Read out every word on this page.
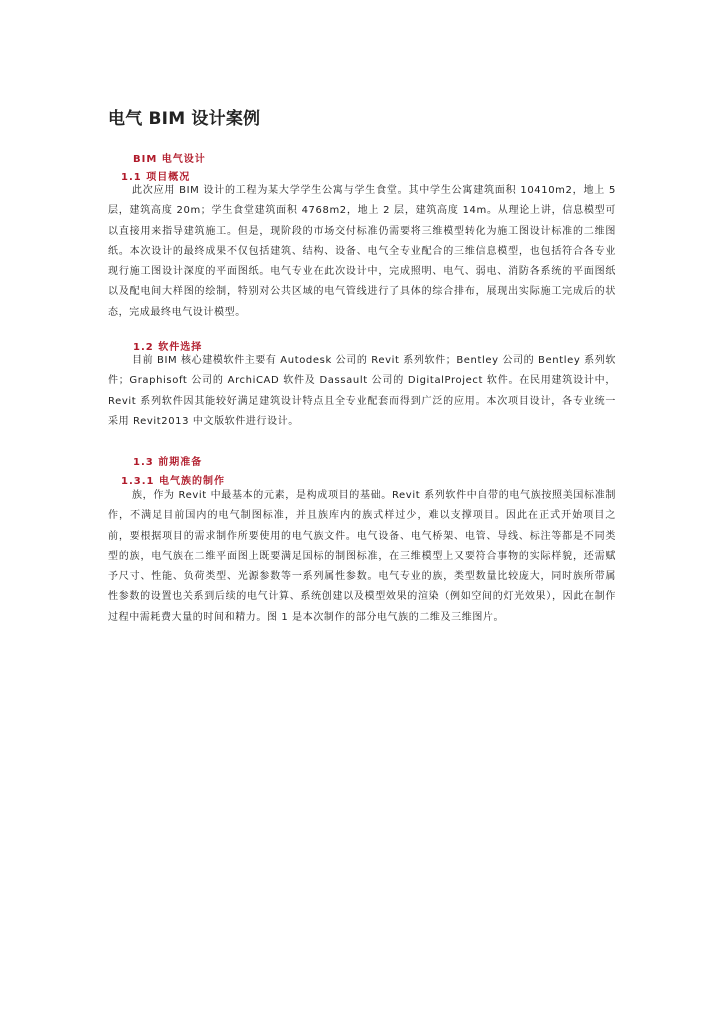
电气 BIM 设计案例
BIM 电气设计
1.1 项目概况

此次应用 BIM 设计的工程为某大学学生公寓与学生食堂。其中学生公寓建筑面积 10410m2，地上 5 层，建筑高度 20m；学生食堂建筑面积 4768m2，地上 2 层，建筑高度 14m。从理论上讲，信息模型可以直接用来指导建筑施工。但是，现阶段的市场交付标准仍需要将三维模型转化为施工图设计标准的二维图纸。本次设计的最终成果不仅包括建筑、结构、设备、电气全专业配合的三维信息模型，也包括符合各专业现行施工图设计深度的平面图纸。电气专业在此次设计中，完成照明、电气、弱电、消防各系统的平面图纸以及配电间大样图的绘制，特别对公共区域的电气管线进行了具体的综合排布，展现出实际施工完成后的状态，完成最终电气设计模型。

1.2 软件选择

目前 BIM 核心建模软件主要有 Autodesk 公司的 Revit 系列软件；Bentley 公司的 Bentley 系列软件；Graphisoft 公司的 ArchiCAD 软件及 Dassault 公司的 DigitalProject 软件。在民用建筑设计中，Revit 系列软件因其能较好满足建筑设计特点且全专业配套而得到广泛的应用。本次项目设计，各专业统一采用 Revit2013 中文版软件进行设计。

1.3 前期准备
1.3.1 电气族的制作

族，作为 Revit 中最基本的元素，是构成项目的基础。Revit 系列软件中自带的电气族按照美国标准制作，不满足目前国内的电气制图标准，并且族库内的族式样过少，难以支撑项目。因此在正式开始项目之前，要根据项目的需求制作所要使用的电气族文件。电气设备、电气桥架、电管、导线、标注等都是不同类型的族，电气族在二维平面图上既要满足国标的制图标准，在三维模型上又要符合事物的实际样貌，还需赋予尺寸、性能、负荷类型、光源参数等一系列属性参数。电气专业的族，类型数量比较庞大，同时族所带属性参数的设置也关系到后续的电气计算、系统创建以及模型效果的渲染（例如空间的灯光效果），因此在制作过程中需耗费大量的时间和精力。图 1 是本次制作的部分电气族的二维及三维图片。
